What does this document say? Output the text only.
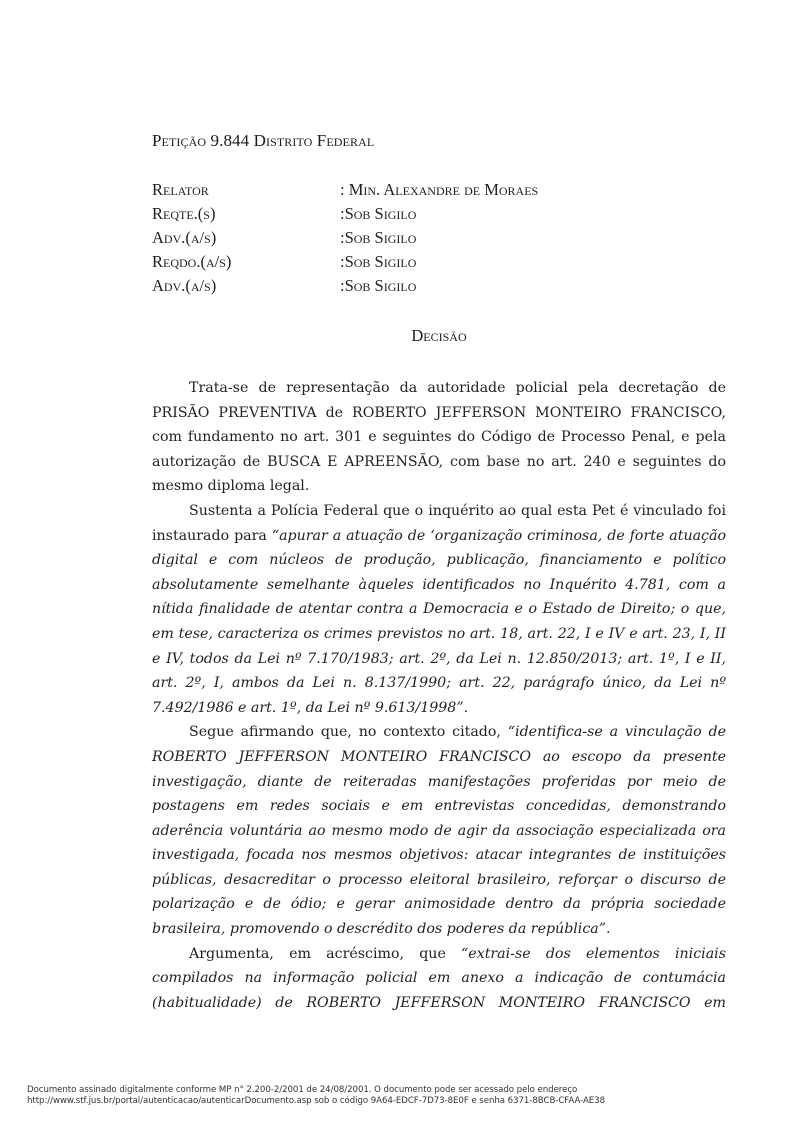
Petição 9.844 Distrito Federal
Relator	: Min. Alexandre de Moraes
Reqte.(s)	:Sob Sigilo
Adv.(a/s)	:Sob Sigilo
Reqdo.(a/s)	:Sob Sigilo
Adv.(a/s)	:Sob Sigilo
Decisão

Trata-se de representação da autoridade policial pela decretação de PRISÃO PREVENTIVA de ROBERTO JEFFERSON MONTEIRO FRANCISCO, com fundamento no art. 301 e seguintes do Código de Processo Penal, e pela autorização de BUSCA E APREENSÃO, com base no art. 240 e seguintes do mesmo diploma legal.

Sustenta a Polícia Federal que o inquérito ao qual esta Pet é vinculado foi instaurado para “apurar a atuação de ‘organização criminosa, de forte atuação digital e com núcleos de produção, publicação, financiamento e político absolutamente semelhante àqueles identificados no Inquérito 4.781, com a nítida finalidade de atentar contra a Democracia e o Estado de Direito; o que, em tese, caracteriza os crimes previstos no art. 18, art. 22, I e IV e art. 23, I, II e IV, todos da Lei nº 7.170/1983; art. 2º, da Lei n. 12.850/2013; art. 1º, I e II, art. 2º, I, ambos da Lei n. 8.137/1990; art. 22, parágrafo único, da Lei nº 7.492/1986 e art. 1º, da Lei nº 9.613/1998”.

Segue afirmando que, no contexto citado, “identifica-se a vinculação de ROBERTO JEFFERSON MONTEIRO FRANCISCO ao escopo da presente investigação, diante de reiteradas manifestações proferidas por meio de postagens em redes sociais e em entrevistas concedidas, demonstrando aderência voluntária ao mesmo modo de agir da associação especializada ora investigada, focada nos mesmos objetivos: atacar integrantes de instituições públicas, desacreditar o processo eleitoral brasileiro, reforçar o discurso de polarização e de ódio; e gerar animosidade dentro da própria sociedade brasileira, promovendo o descrédito dos poderes da república”.

Argumenta, em acréscimo, que “extrai-se dos elementos iniciais compilados na informação policial em anexo a indicação de contumácia (habitualidade) de ROBERTO JEFFERSON MONTEIRO FRANCISCO em

Documento assinado digitalmente conforme MP n° 2.200-2/2001 de 24/08/2001. O documento pode ser acessado pelo endereço
http://www.stf.jus.br/portal/autenticacao/autenticarDocumento.asp sob o código 9A64-EDCF-7D73-8E0F e senha 6371-8BCB-CFAA-AE38
